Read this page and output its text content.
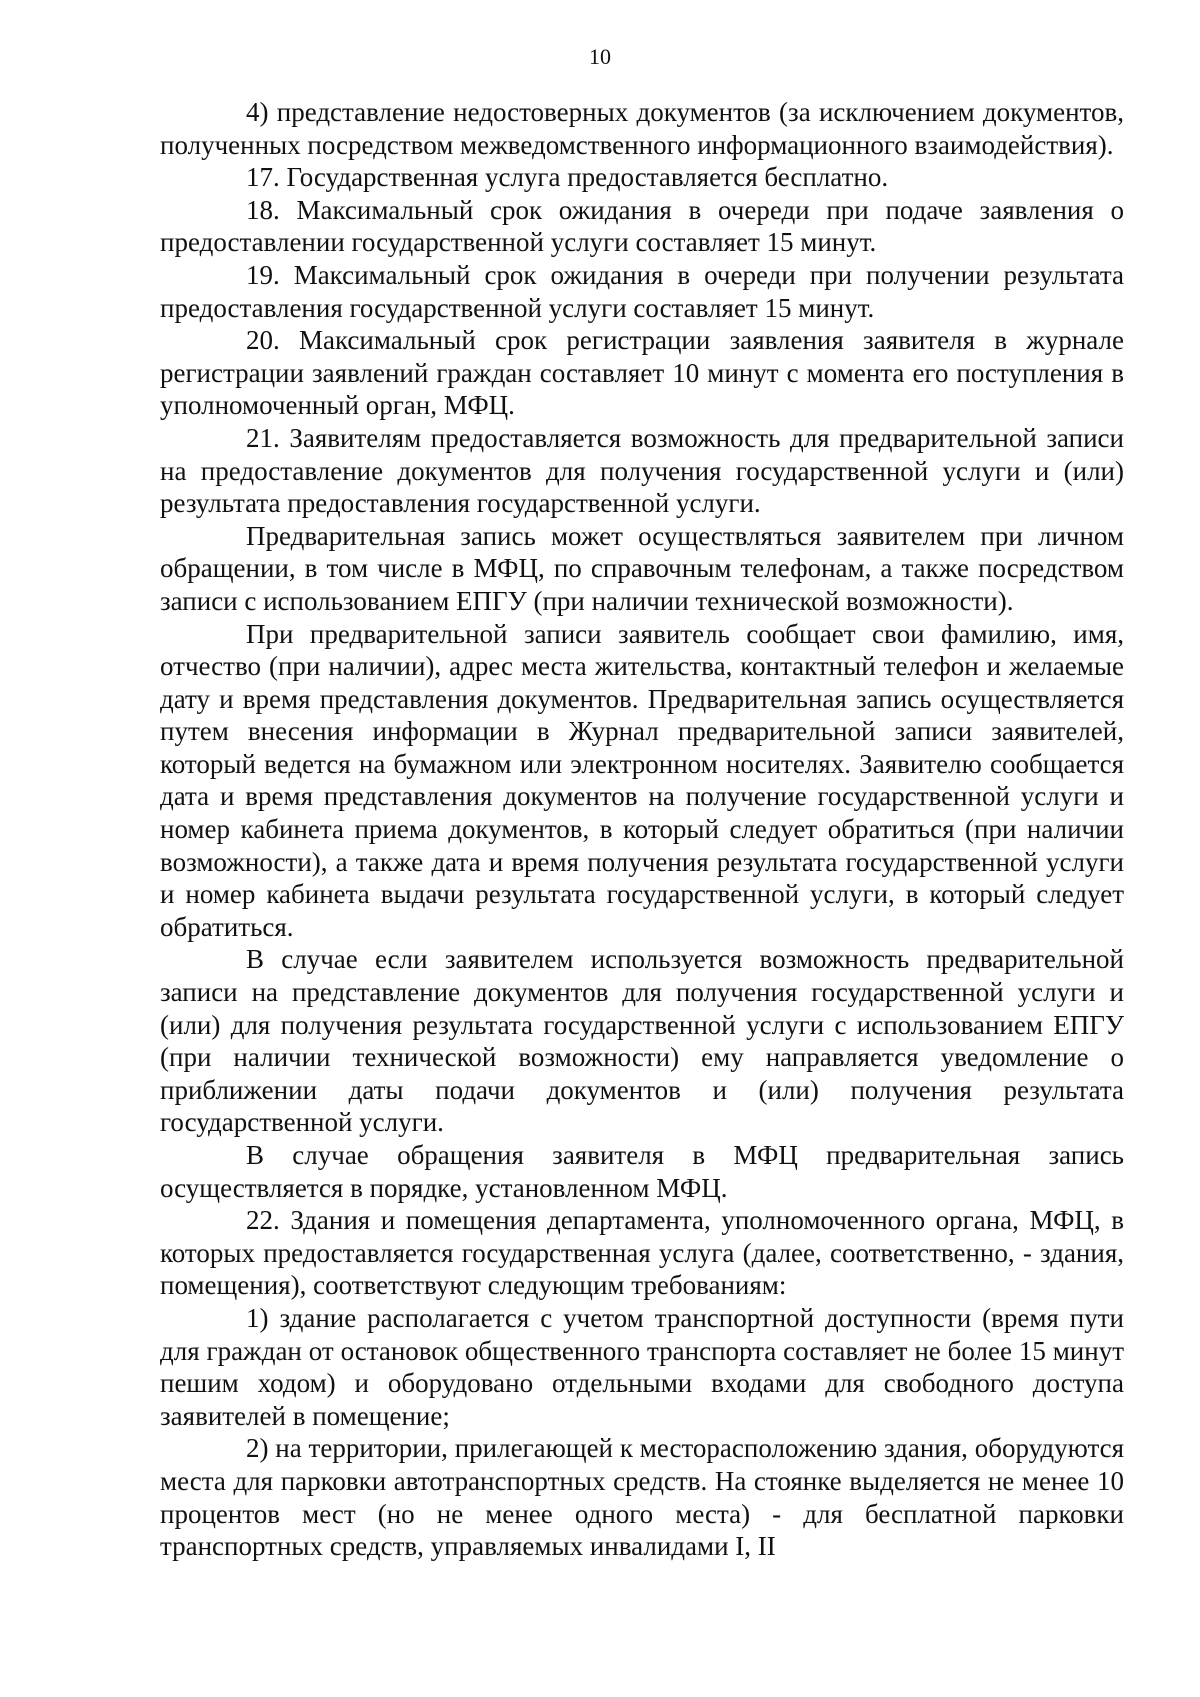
10

4) представление недостоверных документов (за исключением документов, полученных посредством межведомственного информационного взаимодействия).

17. Государственная услуга предоставляется бесплатно.

18. Максимальный срок ожидания в очереди при подаче заявления о предоставлении государственной услуги составляет 15 минут.

19. Максимальный срок ожидания в очереди при получении результата предоставления государственной услуги составляет 15 минут.

20. Максимальный срок регистрации заявления заявителя в журнале регистрации заявлений граждан составляет 10 минут с момента его поступления в уполномоченный орган, МФЦ.

21. Заявителям предоставляется возможность для предварительной записи на предоставление документов для получения государственной услуги и (или) результата предоставления государственной услуги.

Предварительная запись может осуществляться заявителем при личном обращении, в том числе в МФЦ, по справочным телефонам, а также посредством записи с использованием ЕПГУ (при наличии технической возможности).

При предварительной записи заявитель сообщает свои фамилию, имя, отчество (при наличии), адрес места жительства, контактный телефон и желаемые дату и время представления документов. Предварительная запись осуществляется путем внесения информации в Журнал предварительной записи заявителей, который ведется на бумажном или электронном носителях. Заявителю сообщается дата и время представления документов на получение государственной услуги и номер кабинета приема документов, в который следует обратиться (при наличии возможности), а также дата и время получения результата государственной услуги и номер кабинета выдачи результата государственной услуги, в который следует обратиться.

В случае если заявителем используется возможность предварительной записи на представление документов для получения государственной услуги и (или) для получения результата государственной услуги с использованием ЕПГУ (при наличии технической возможности) ему направляется уведомление о приближении даты подачи документов и (или) получения результата государственной услуги.

В случае обращения заявителя в МФЦ предварительная запись осуществляется в порядке, установленном МФЦ.

22. Здания и помещения департамента, уполномоченного органа, МФЦ, в которых предоставляется государственная услуга (далее, соответственно, - здания, помещения), соответствуют следующим требованиям:

1) здание располагается с учетом транспортной доступности (время пути для граждан от остановок общественного транспорта составляет не более 15 минут пешим ходом) и оборудовано отдельными входами для свободного доступа заявителей в помещение;

2) на территории, прилегающей к месторасположению здания, оборудуются места для парковки автотранспортных средств. На стоянке выделяется не менее 10 процентов мест (но не менее одного места) - для бесплатной парковки транспортных средств, управляемых инвалидами I, II
